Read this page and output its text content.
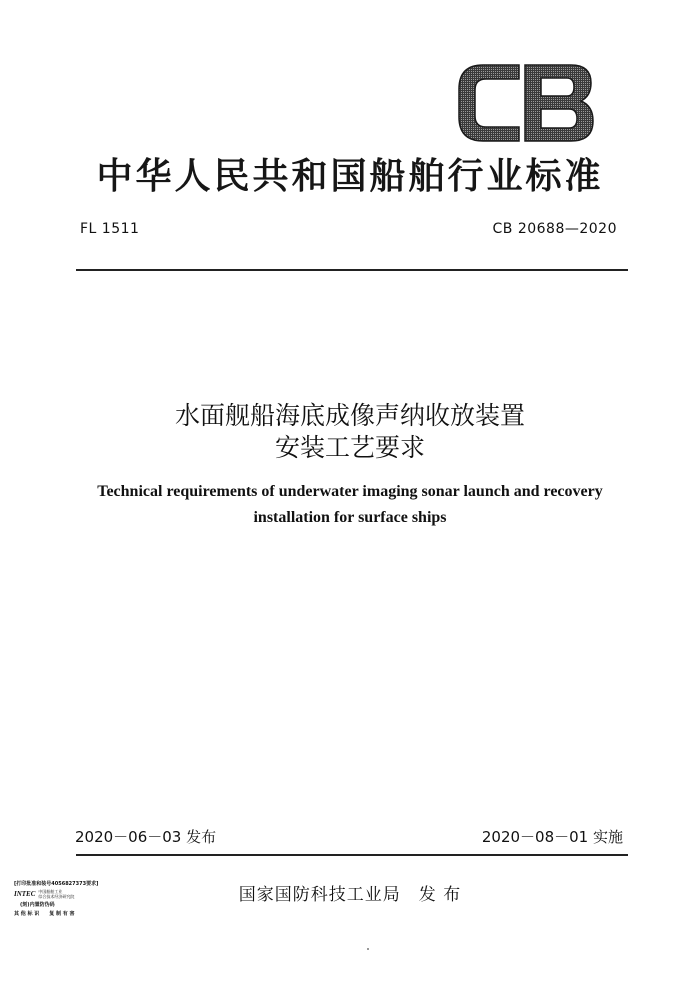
中华人民共和国船舶行业标准
FL 1511	CB 20688—2020
水面舰船海底成像声纳收放装置
安装工艺要求
Technical requirements of underwater imaging sonar launch and recovery
installation for surface ships
2020－06－03 发布	2020－08－01 实施
国家国防科技工业局　发 布
[打印批准和装号4056827373要求]
INTEC 中国船舶工业
综合技术经济研究院
(刻)内置防伪码
其 他 标 识　　复 制 有 害
